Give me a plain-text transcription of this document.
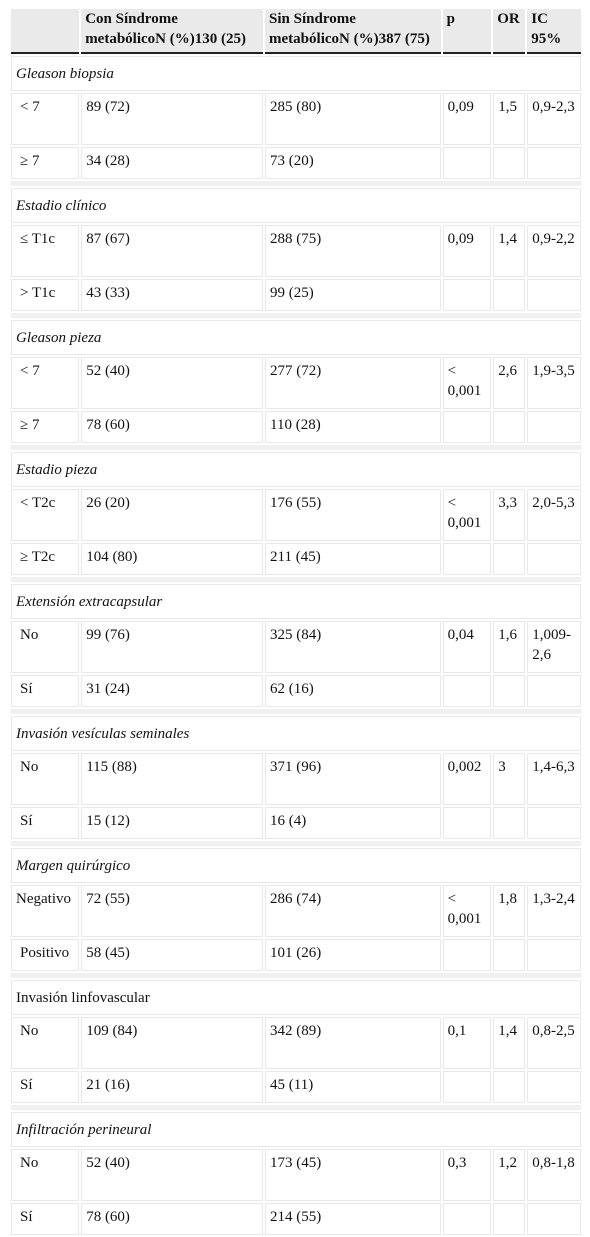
	Con Síndrome metabólicoN (%)130 (25)	Sin Síndrome metabólicoN (%)387 (75)	p	OR	IC 95%
Gleason biopsia					
< 7	89 (72)	285 (80)	0,09	1,5	0,9-2,3
≥ 7	34 (28)	73 (20)			

Estadio clínico					
≤ T1c	87 (67)	288 (75)	0,09	1,4	0,9-2,2
> T1c	43 (33)	99 (25)			

Gleason pieza					
< 7	52 (40)	277 (72)	< 0,001	2,6	1,9-3,5
≥ 7	78 (60)	110 (28)			

Estadio pieza					
< T2c	26 (20)	176 (55)	< 0,001	3,3	2,0-5,3
≥ T2c	104 (80)	211 (45)			

Extensión extracapsular					
No	99 (76)	325 (84)	0,04	1,6	1,009-2,6
Sí	31 (24)	62 (16)			

Invasión vesículas seminales					
No	115 (88)	371 (96)	0,002	3	1,4-6,3
Sí	15 (12)	16 (4)			

Margen quirúrgico					
Negativo	72 (55)	286 (74)	< 0,001	1,8	1,3-2,4
Positivo	58 (45)	101 (26)			

Invasión linfovascular					
No	109 (84)	342 (89)	0,1	1,4	0,8-2,5
Sí	21 (16)	45 (11)			

Infiltración perineural					
No	52 (40)	173 (45)	0,3	1,2	0,8-1,8
Sí	78 (60)	214 (55)			
